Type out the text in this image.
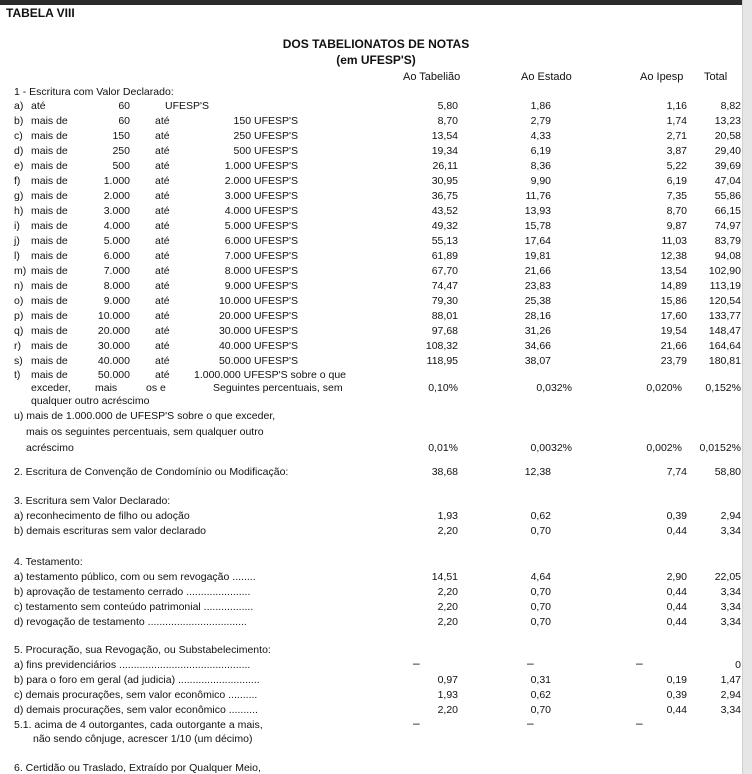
TABELA VIII
DOS TABELIONATOS DE NOTAS
(em UFESP'S)
Ao Tabelião	Ao Estado	Ao Ipesp Total
1 - Escritura com Valor Declarado:
a) até	60	UFESP'S	5,80	1,86	1,16	8,82
b) mais de	60 até	150 UFESP'S	8,70	2,79	1,74	13,23
c) mais de	150 até	250 UFESP'S	13,54	4,33	2,71	20,58
d) mais de	250 até	500 UFESP'S	19,34	6,19	3,87	29,40
e) mais de	500 até	1.000 UFESP'S	26,11	8,36	5,22	39,69
f) mais de	1.000 até	2.000 UFESP'S	30,95	9,90	6,19	47,04
g) mais de	2.000 até	3.000 UFESP'S	36,75	11,76	7,35	55,86
h) mais de	3.000 até	4.000 UFESP'S	43,52	13,93	8,70	66,15
i) mais de	4.000 até	5.000 UFESP'S	49,32	15,78	9,87	74,97
j) mais de	5.000 até	6.000 UFESP'S	55,13	17,64	11,03	83,79
l) mais de	6.000 até	7.000 UFESP'S	61,89	19,81	12,38	94,08
m) mais de	7.000 até	8.000 UFESP'S	67,70	21,66	13,54	102,90
n) mais de	8.000 até	9.000 UFESP'S	74,47	23,83	14,89	113,19
o) mais de	9.000 até	10.000 UFESP'S	79,30	25,38	15,86	120,54
p) mais de	10.000 até	20.000 UFESP'S	88,01	28,16	17,60	133,77
q) mais de	20.000 até	30.000 UFESP'S	97,68	31,26	19,54	148,47
r) mais de	30.000 até	40.000 UFESP'S	108,32	34,66	21,66	164,64
s) mais de	40.000 até	50.000 UFESP'S	118,95	38,07	23,79	180,81
t) mais de	50.000 até 1.000.000 UFESP'S sobre o que
exceder, mais	os e	Seguintes percentuais, sem
qualquer outro acréscimo
0,10%	0,032%	0,020%	0,152%
u) mais de 1.000.000 de UFESP'S sobre o que exceder,
mais os seguintes percentuais, sem qualquer outro
acréscimo	0,01%	0,0032%	0,002%	0,0152%
2. Escritura de Convenção de Condomínio ou Modificação:	38,68	12,38	7,74	58,80
3. Escritura sem Valor Declarado:
a) reconhecimento de filho ou adoção	1,93	0,62	0,39	2,94
b) demais escrituras sem valor declarado	2,20	0,70	0,44	3,34
4. Testamento:
a) testamento público, com ou sem revogação ........	14,51	4,64	2,90	22,05
b) aprovação de testamento cerrado ......................	2,20	0,70	0,44	3,34
c) testamento sem conteúdo patrimonial .................	2,20	0,70	0,44	3,34
d) revogação de testamento ..................................	2,20	0,70	0,44	3,34
5. Procuração, sua Revogação, ou Substabelecimento:
a) fins previdenciários .............................................	–	–	–	0
b) para o foro em geral (ad judicia) ............................	0,97	0,31	0,19	1,47
c) demais procurações, sem valor econômico ..........	1,93	0,62	0,39	2,94
d) demais procurações, sem valor econômico ..........	2,20	0,70	0,44	3,34
5.1. acima de 4 outorgantes, cada outorgante a mais,
não sendo cônjuge, acrescer 1/10 (um décimo)
–	–	–
6. Certidão ou Traslado, Extraído por Qualquer Meio,
